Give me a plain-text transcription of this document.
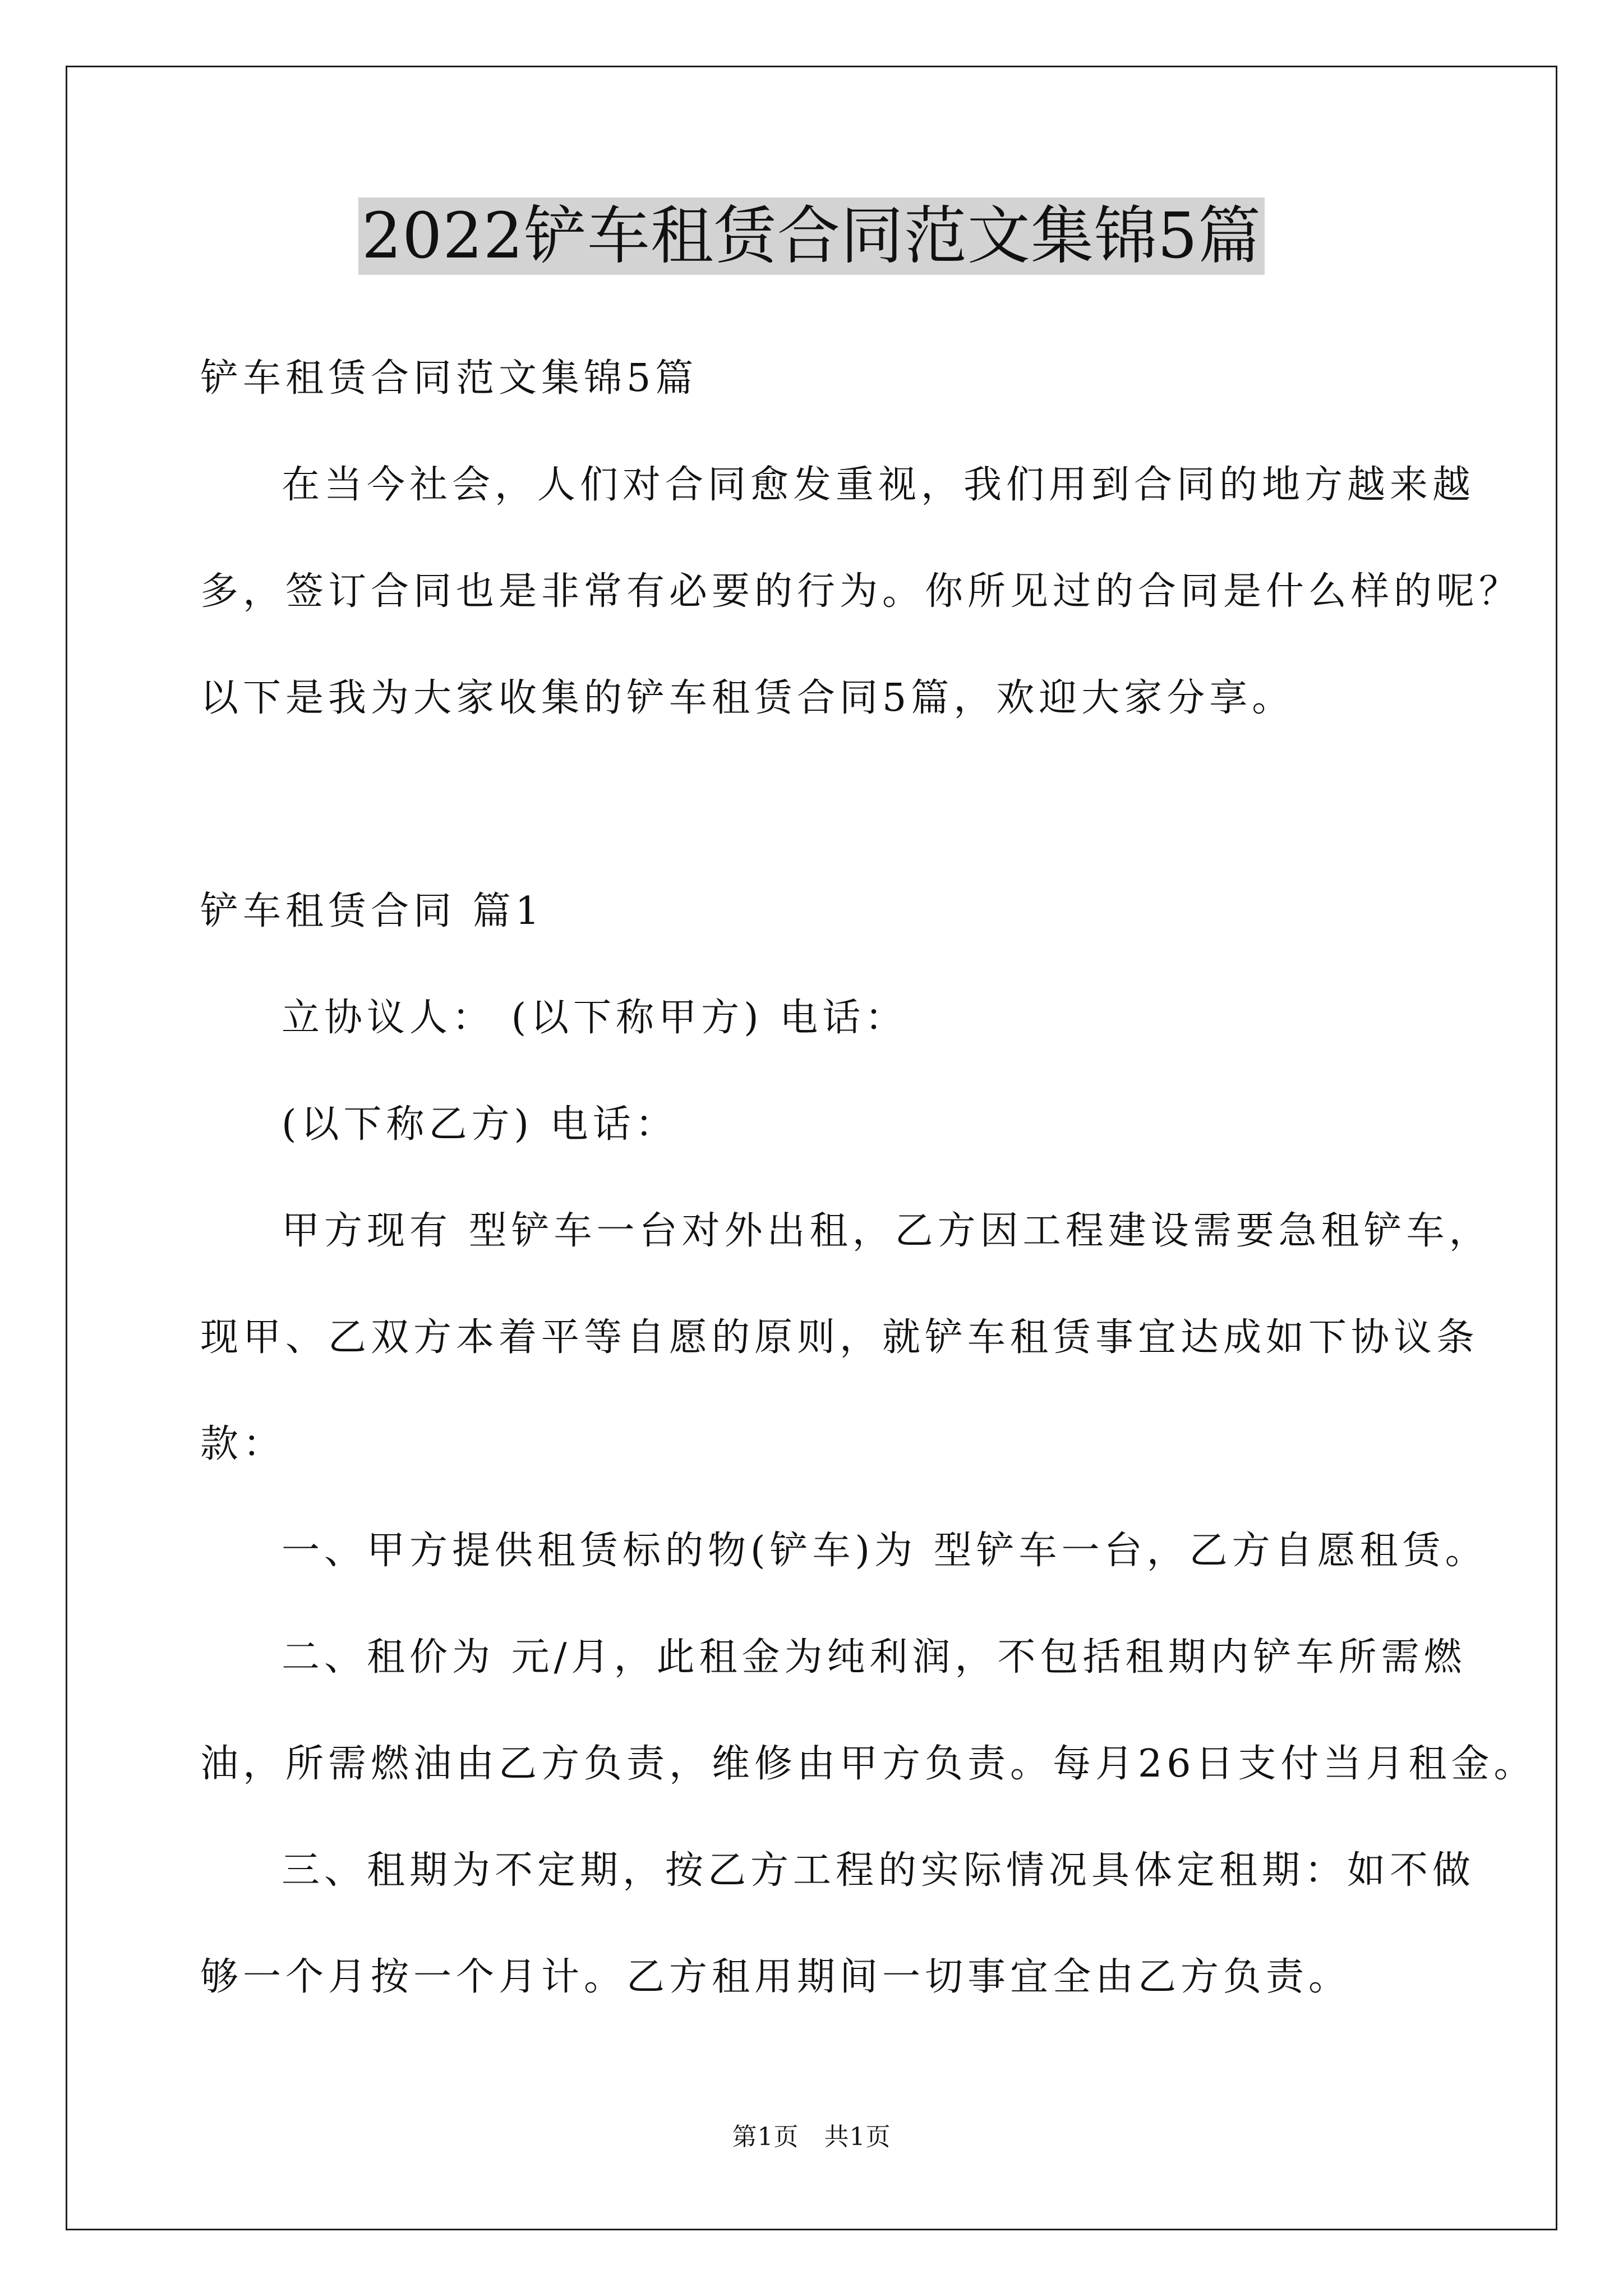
2022铲车租赁合同范文集锦5篇
铲车租赁合同范文集锦5篇
在当今社会，人们对合同愈发重视，我们用到合同的地方越来越
多，签订合同也是非常有必要的行为。你所见过的合同是什么样的呢？
以下是我为大家收集的铲车租赁合同5篇，欢迎大家分享。
铲车租赁合同 篇1
立协议人： (以下称甲方) 电话：
(以下称乙方) 电话：
甲方现有 型铲车一台对外出租，乙方因工程建设需要急租铲车，
现甲、乙双方本着平等自愿的原则，就铲车租赁事宜达成如下协议条
款：
一、甲方提供租赁标的物(铲车)为 型铲车一台，乙方自愿租赁。
二、租价为 元/月，此租金为纯利润，不包括租期内铲车所需燃
油，所需燃油由乙方负责，维修由甲方负责。每月26日支付当月租金。
三、租期为不定期，按乙方工程的实际情况具体定租期：如不做
够一个月按一个月计。乙方租用期间一切事宜全由乙方负责。
第1页　共1页
